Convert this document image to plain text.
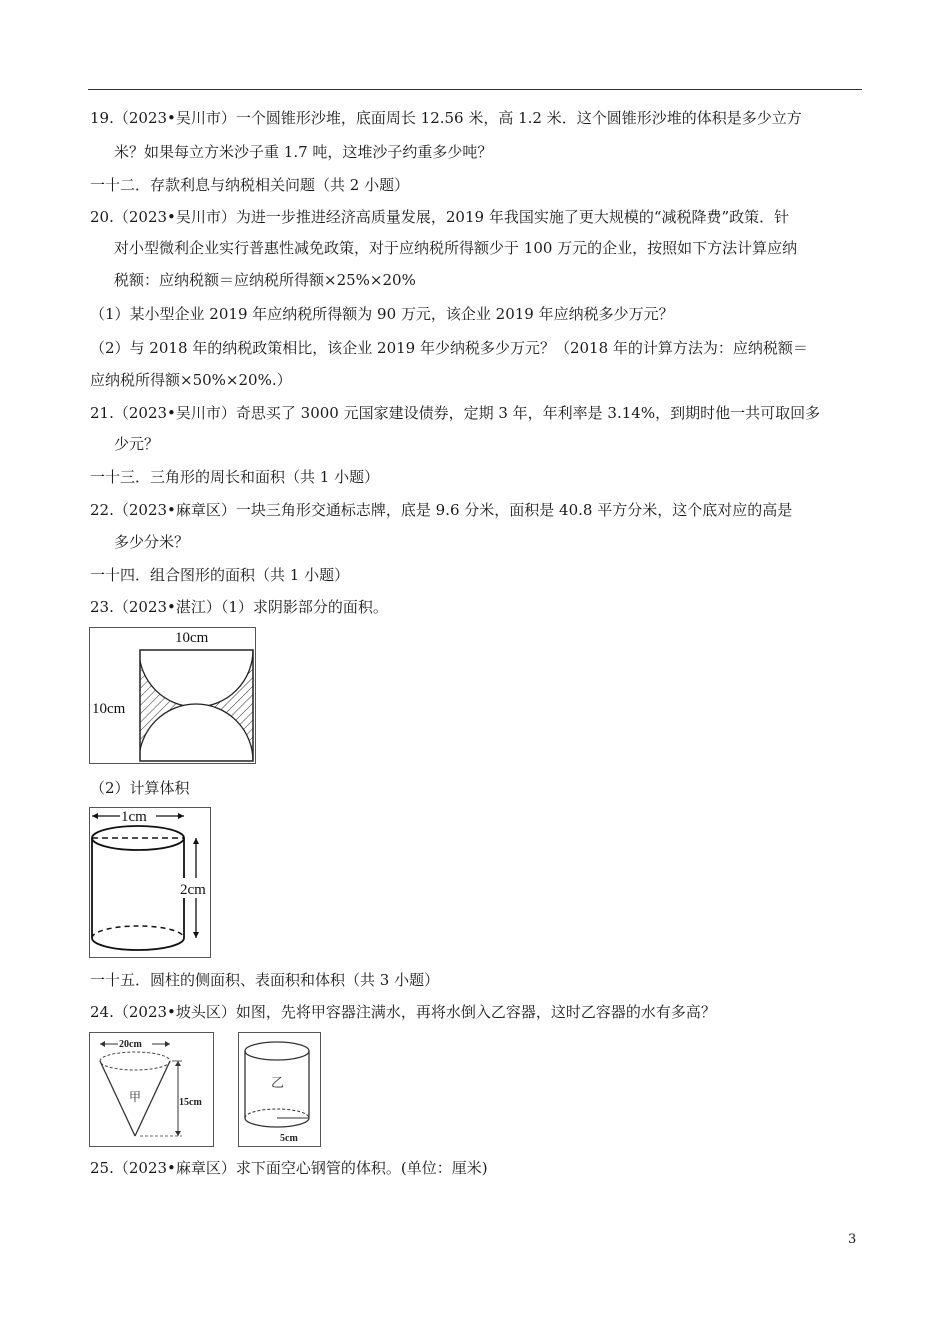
19.（2023•吴川市）一个圆锥形沙堆，底面周长 12.56 米，高 1.2 米．这个圆锥形沙堆的体积是多少立方
米？如果每立方米沙子重 1.7 吨，这堆沙子约重多少吨？
一十二．存款利息与纳税相关问题（共 2 小题）
20.（2023•吴川市）为进一步推进经济高质量发展，2019 年我国实施了更大规模的“减税降费”政策．针
对小型微利企业实行普惠性减免政策，对于应纳税所得额少于 100 万元的企业，按照如下方法计算应纳
税额：应纳税额＝应纳税所得额×25%×20%
（1）某小型企业 2019 年应纳税所得额为 90 万元，该企业 2019 年应纳税多少万元？
（2）与 2018 年的纳税政策相比，该企业 2019 年少纳税多少万元？（2018 年的计算方法为：应纳税额＝
应纳税所得额×50%×20%.）
21.（2023•吴川市）奇思买了 3000 元国家建设债券，定期 3 年，年利率是 3.14%，到期时他一共可取回多
少元？
一十三．三角形的周长和面积（共 1 小题）
22.（2023•麻章区）一块三角形交通标志牌，底是 9.6 分米，面积是 40.8 平方分米，这个底对应的高是
多少分米？
一十四．组合图形的面积（共 1 小题）
23.（2023•湛江）（1）求阴影部分的面积。
10cm
10cm
（2）计算体积
1cm
2cm
一十五．圆柱的侧面积、表面积和体积（共 3 小题）
24.（2023•坡头区）如图，先将甲容器注满水，再将水倒入乙容器，这时乙容器的水有多高？
20cm
甲	15cm
乙
5cm
25.（2023•麻章区）求下面空心钢管的体积。(单位：厘米)
3
